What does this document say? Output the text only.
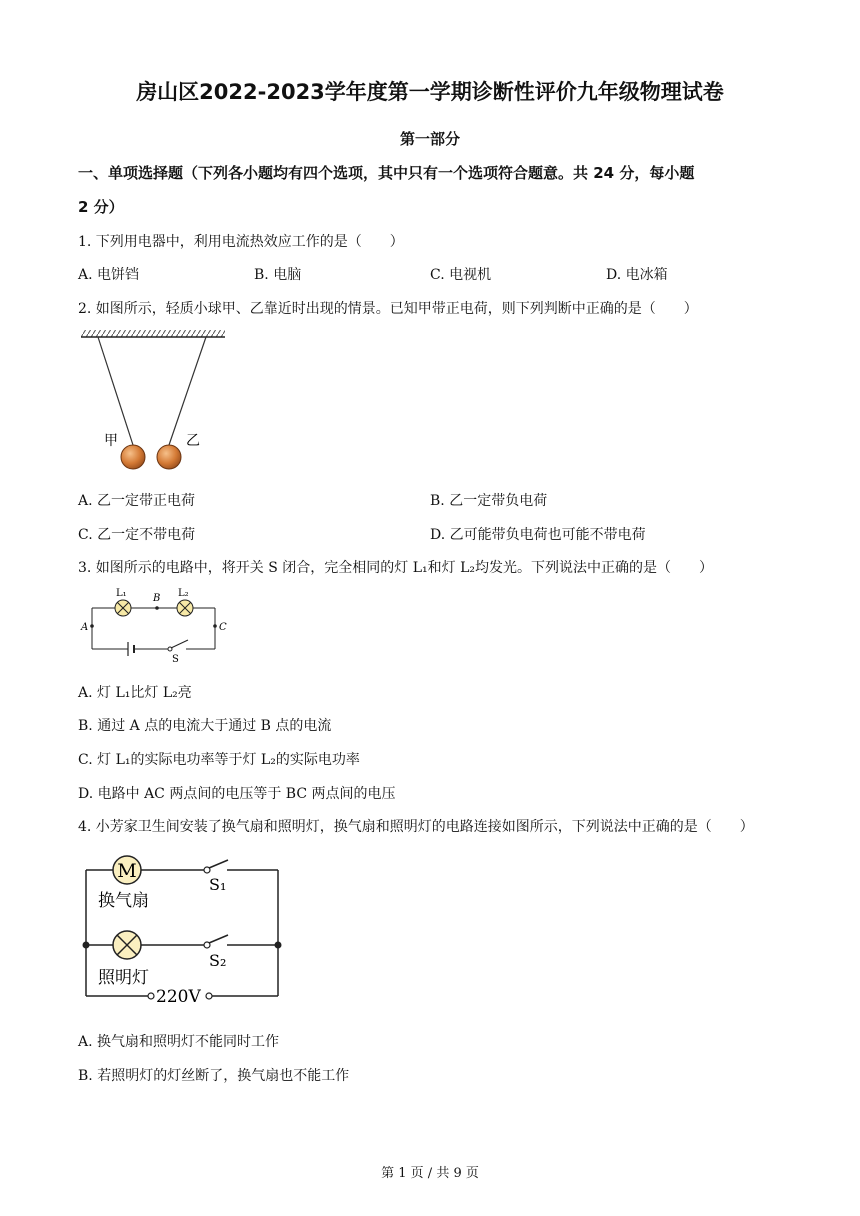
房山区2022-2023学年度第一学期诊断性评价九年级物理试卷
第一部分
一、单项选择题（下列各小题均有四个选项，其中只有一个选项符合题意。共 24 分，每小题
2 分）
1. 下列用电器中，利用电流热效应工作的是（　　）
A. 电饼铛	B. 电脑	C. 电视机	D. 电冰箱
2. 如图所示，轻质小球甲、乙靠近时出现的情景。已知甲带正电荷，则下列判断中正确的是（　　）
甲	乙
A. 乙一定带正电荷	B. 乙一定带负电荷
C. 乙一定不带电荷	D. 乙可能带负电荷也可能不带电荷
3. 如图所示的电路中，将开关 S 闭合，完全相同的灯 L₁和灯 L₂均发光。下列说法中正确的是（　　）
L₁	L₂
B
A	C
S
A. 灯 L₁比灯 L₂亮
B. 通过 A 点的电流大于通过 B 点的电流
C. 灯 L₁的实际电功率等于灯 L₂的实际电功率
D. 电路中 AC 两点间的电压等于 BC 两点间的电压
4. 小芳家卫生间安装了换气扇和照明灯，换气扇和照明灯的电路连接如图所示，下列说法中正确的是（　　）
M
换气扇
S₁
照明灯
S₂
220V
A. 换气扇和照明灯不能同时工作
B. 若照明灯的灯丝断了，换气扇也不能工作
第 1 页 / 共 9 页
